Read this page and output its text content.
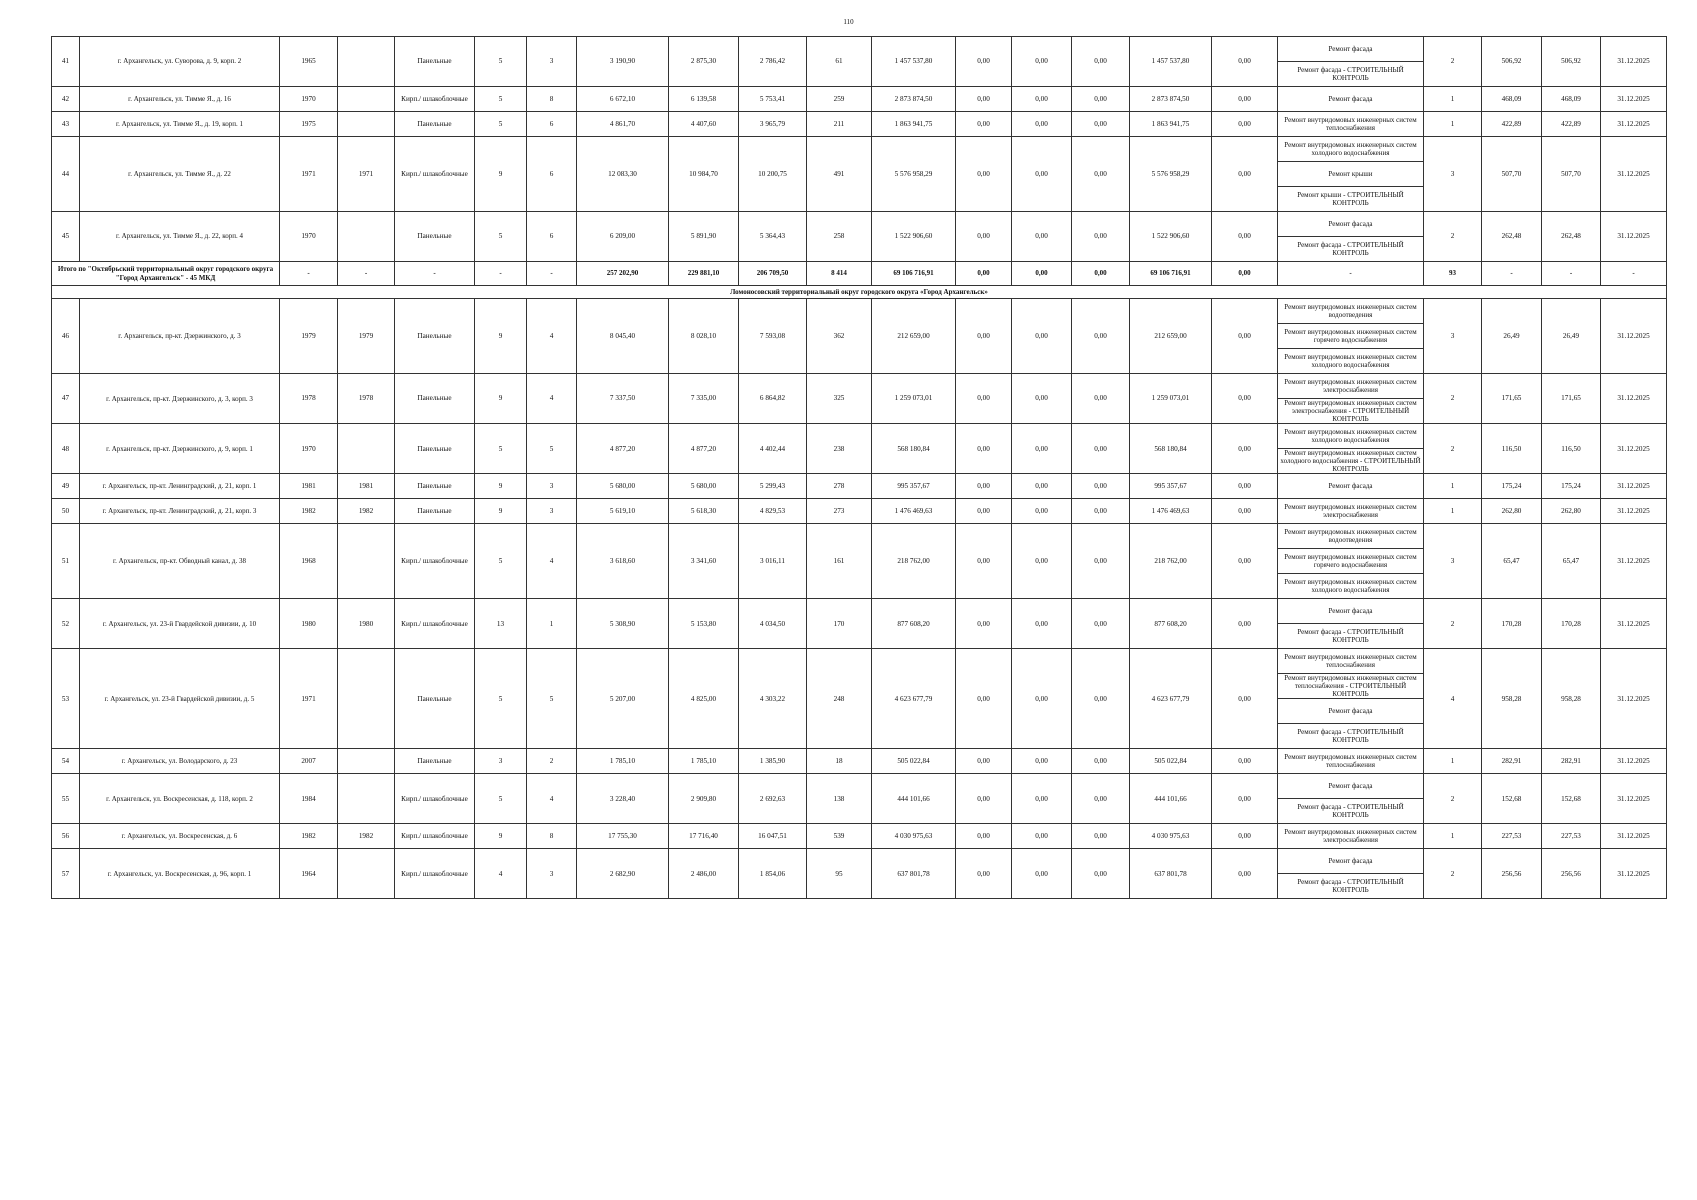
110
41	г. Архангельск, ул. Суворова, д. 9, корп. 2	1965		Панельные	5	3	3 190,90	2 875,30	2 786,42	61	1 457 537,80	0,00	0,00	0,00	1 457 537,80	0,00	Ремонт фасада	2	506,92	506,92	31.12.2025
																	Ремонт фасада - СТРОИТЕЛЬНЫЙ КОНТРОЛЬ				
42	г. Архангельск, ул. Тимме Я., д. 16	1970		Кирп./ шлакоблочные	5	8	6 672,10	6 139,58	5 753,41	259	2 873 874,50	0,00	0,00	0,00	2 873 874,50	0,00	Ремонт фасада	1	468,09	468,09	31.12.2025
43	г. Архангельск, ул. Тимме Я., д. 19, корп. 1	1975		Панельные	5	6	4 861,70	4 407,60	3 965,79	211	1 863 941,75	0,00	0,00	0,00	1 863 941,75	0,00	Ремонт внутридомовых инженерных систем теплоснабжения	1	422,89	422,89	31.12.2025
44	г. Архангельск, ул. Тимме Я., д. 22	1971	1971	Кирп./ шлакоблочные	9	6	12 083,30	10 984,70	10 200,75	491	5 576 958,29	0,00	0,00	0,00	5 576 958,29	0,00	Ремонт внутридомовых инженерных систем холодного водоснабжения	3	507,70	507,70	31.12.2025
																	Ремонт крыши				
																	Ремонт крыши - СТРОИТЕЛЬНЫЙ КОНТРОЛЬ				
45	г. Архангельск, ул. Тимме Я., д. 22, корп. 4	1970		Панельные	5	6	6 209,00	5 891,90	5 364,43	258	1 522 906,60	0,00	0,00	0,00	1 522 906,60	0,00	Ремонт фасада	2	262,48	262,48	31.12.2025
																	Ремонт фасада - СТРОИТЕЛЬНЫЙ КОНТРОЛЬ				
Итого по "Октябрьский территориальный округ городского округа "Город Архангельск" - 45 МКД		-	-	-	-	-	257 202,90	229 881,10	206 709,50	8 414	69 106 716,91	0,00	0,00	0,00	69 106 716,91	0,00	-	93	-	-	-
Ломоносовский территориальный округ городского округа «Город Архангельск»																					
46	г. Архангельск, пр-кт. Дзержинского, д. 3	1979	1979	Панельные	9	4	8 045,40	8 028,10	7 593,08	362	212 659,00	0,00	0,00	0,00	212 659,00	0,00	Ремонт внутридомовых инженерных систем водоотведения	3	26,49	26,49	31.12.2025
																	Ремонт внутридомовых инженерных систем горячего водоснабжения				
																	Ремонт внутридомовых инженерных систем холодного водоснабжения				
47	г. Архангельск, пр-кт. Дзержинского, д. 3, корп. 3	1978	1978	Панельные	9	4	7 337,50	7 335,00	6 864,82	325	1 259 073,01	0,00	0,00	0,00	1 259 073,01	0,00	Ремонт внутридомовых инженерных систем электроснабжения	2	171,65	171,65	31.12.2025
																	Ремонт внутридомовых инженерных систем электроснабжения - СТРОИТЕЛЬНЫЙ КОНТРОЛЬ				
48	г. Архангельск, пр-кт. Дзержинского, д. 9, корп. 1	1970		Панельные	5	5	4 877,20	4 877,20	4 402,44	238	568 180,84	0,00	0,00	0,00	568 180,84	0,00	Ремонт внутридомовых инженерных систем холодного водоснабжения	2	116,50	116,50	31.12.2025
																	Ремонт внутридомовых инженерных систем холодного водоснабжения - СТРОИТЕЛЬНЫЙ КОНТРОЛЬ				
49	г. Архангельск, пр-кт. Ленинградский, д. 21, корп. 1	1981	1981	Панельные	9	3	5 680,00	5 680,00	5 299,43	278	995 357,67	0,00	0,00	0,00	995 357,67	0,00	Ремонт фасада	1	175,24	175,24	31.12.2025
50	г. Архангельск, пр-кт. Ленинградский, д. 21, корп. 3	1982	1982	Панельные	9	3	5 619,10	5 618,30	4 829,53	273	1 476 469,63	0,00	0,00	0,00	1 476 469,63	0,00	Ремонт внутридомовых инженерных систем электроснабжения	1	262,80	262,80	31.12.2025
51	г. Архангельск, пр-кт. Обводный канал, д. 38	1968		Кирп./ шлакоблочные	5	4	3 618,60	3 341,60	3 016,11	161	218 762,00	0,00	0,00	0,00	218 762,00	0,00	Ремонт внутридомовых инженерных систем водоотведения	3	65,47	65,47	31.12.2025
																	Ремонт внутридомовых инженерных систем горячего водоснабжения				
																	Ремонт внутридомовых инженерных систем холодного водоснабжения				
52	г. Архангельск, ул. 23-й Гвардейской дивизии, д. 10	1980	1980	Кирп./ шлакоблочные	13	1	5 308,90	5 153,80	4 034,50	170	877 608,20	0,00	0,00	0,00	877 608,20	0,00	Ремонт фасада	2	170,28	170,28	31.12.2025
																	Ремонт фасада - СТРОИТЕЛЬНЫЙ КОНТРОЛЬ				
53	г. Архангельск, ул. 23-й Гвардейской дивизии, д. 5	1971		Панельные	5	5	5 207,00	4 825,00	4 303,22	248	4 623 677,79	0,00	0,00	0,00	4 623 677,79	0,00	Ремонт внутридомовых инженерных систем теплоснабжения	4	958,28	958,28	31.12.2025
																	Ремонт внутридомовых инженерных систем теплоснабжения - СТРОИТЕЛЬНЫЙ КОНТРОЛЬ				
																	Ремонт фасада				
																	Ремонт фасада - СТРОИТЕЛЬНЫЙ КОНТРОЛЬ				
54	г. Архангельск, ул. Володарского, д. 23	2007		Панельные	3	2	1 785,10	1 785,10	1 385,90	18	505 022,84	0,00	0,00	0,00	505 022,84	0,00	Ремонт внутридомовых инженерных систем теплоснабжения	1	282,91	282,91	31.12.2025
55	г. Архангельск, ул. Воскресенская, д. 118, корп. 2	1984		Кирп./ шлакоблочные	5	4	3 228,40	2 909,80	2 692,63	138	444 101,66	0,00	0,00	0,00	444 101,66	0,00	Ремонт фасада	2	152,68	152,68	31.12.2025
																	Ремонт фасада - СТРОИТЕЛЬНЫЙ КОНТРОЛЬ				
56	г. Архангельск, ул. Воскресенская, д. 6	1982	1982	Кирп./ шлакоблочные	9	8	17 755,30	17 716,40	16 047,51	539	4 030 975,63	0,00	0,00	0,00	4 030 975,63	0,00	Ремонт внутридомовых инженерных систем электроснабжения	1	227,53	227,53	31.12.2025
57	г. Архангельск, ул. Воскресенская, д. 96, корп. 1	1964		Кирп./ шлакоблочные	4	3	2 682,90	2 486,00	1 854,06	95	637 801,78	0,00	0,00	0,00	637 801,78	0,00	Ремонт фасада	2	256,56	256,56	31.12.2025
																	Ремонт фасада - СТРОИТЕЛЬНЫЙ КОНТРОЛЬ				
